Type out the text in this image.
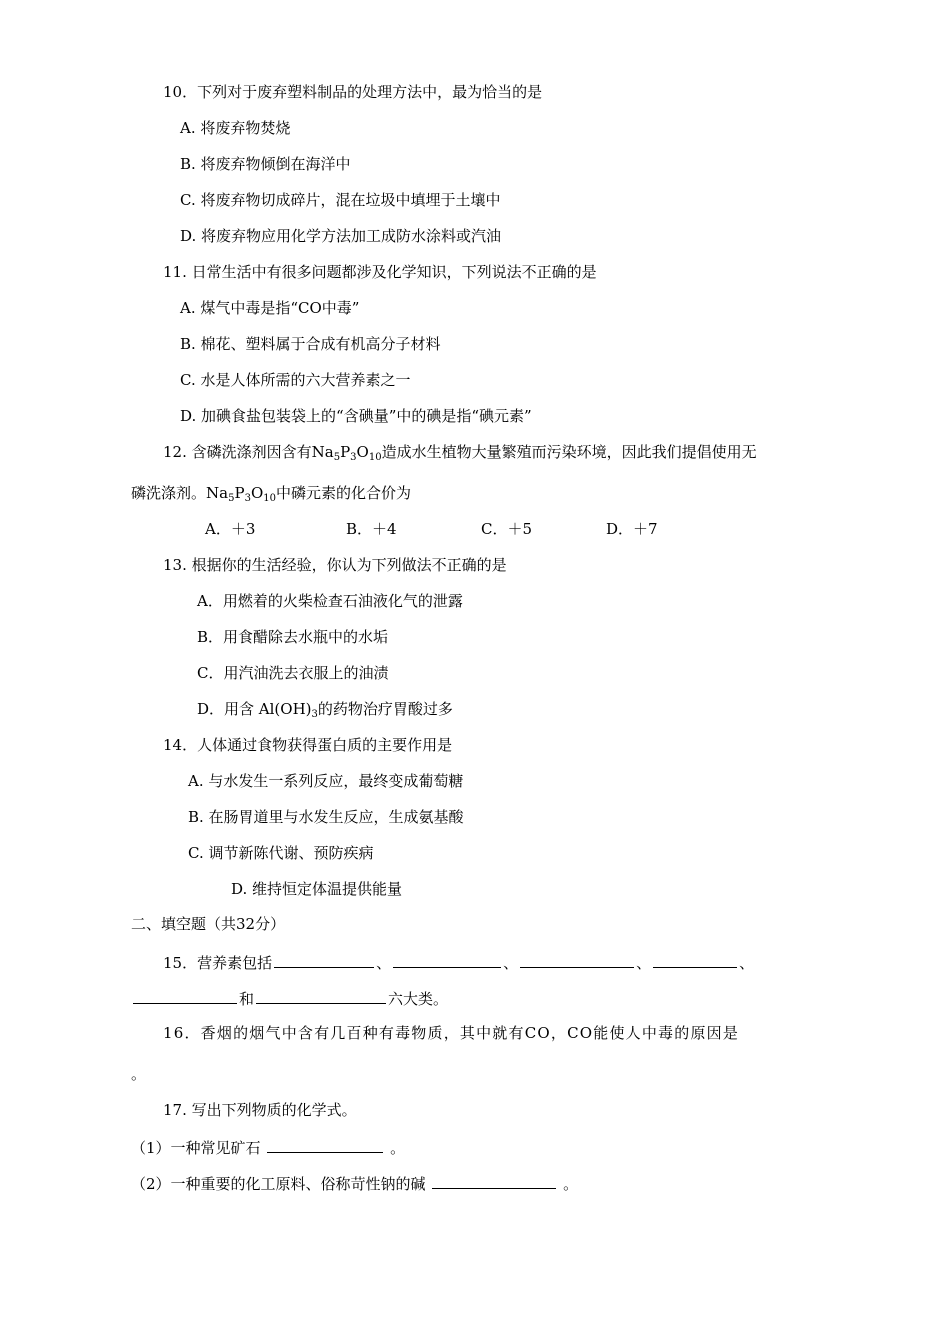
10．下列对于废弃塑料制品的处理方法中，最为恰当的是
A. 将废弃物焚烧
B. 将废弃物倾倒在海洋中
C. 将废弃物切成碎片，混在垃圾中填埋于土壤中
D. 将废弃物应用化学方法加工成防水涂料或汽油
11. 日常生活中有很多问题都涉及化学知识，下列说法不正确的是
A. 煤气中毒是指“CO中毒”
B. 棉花、塑料属于合成有机高分子材料
C. 水是人体所需的六大营养素之一
D. 加碘食盐包装袋上的“含碘量”中的碘是指“碘元素”
12. 含磷洗涤剂因含有$Na_5P_3O_{10}$造成水生植物大量繁殖而污染环境，因此我们提倡使用无
磷洗涤剂。$Na_5P_3O_{10}$中磷元素的化合价为
A．＋3	B．＋4	C．＋5	D．＋7
13. 根据你的生活经验，你认为下列做法不正确的是
A．用燃着的火柴检查石油液化气的泄露
B．用食醋除去水瓶中的水垢
C．用汽油洗去衣服上的油渍
D．用含 $Al(OH)_3$的药物治疗胃酸过多
14．人体通过食物获得蛋白质的主要作用是
A. 与水发生一系列反应，最终变成葡萄糖
B. 在肠胃道里与水发生反应，生成氨基酸
C. 调节新陈代谢、预防疾病
D. 维持恒定体温提供能量
二、填空题（共32分）
15．营养素包括	、	、	、	、
和	六大类。
16．香烟的烟气中含有几百种有毒物质，其中就有CO，CO能使人中毒的原因是
。
17. 写出下列物质的化学式。
（1）一种常见矿石	。
（2）一种重要的化工原料、俗称苛性钠的碱	。
